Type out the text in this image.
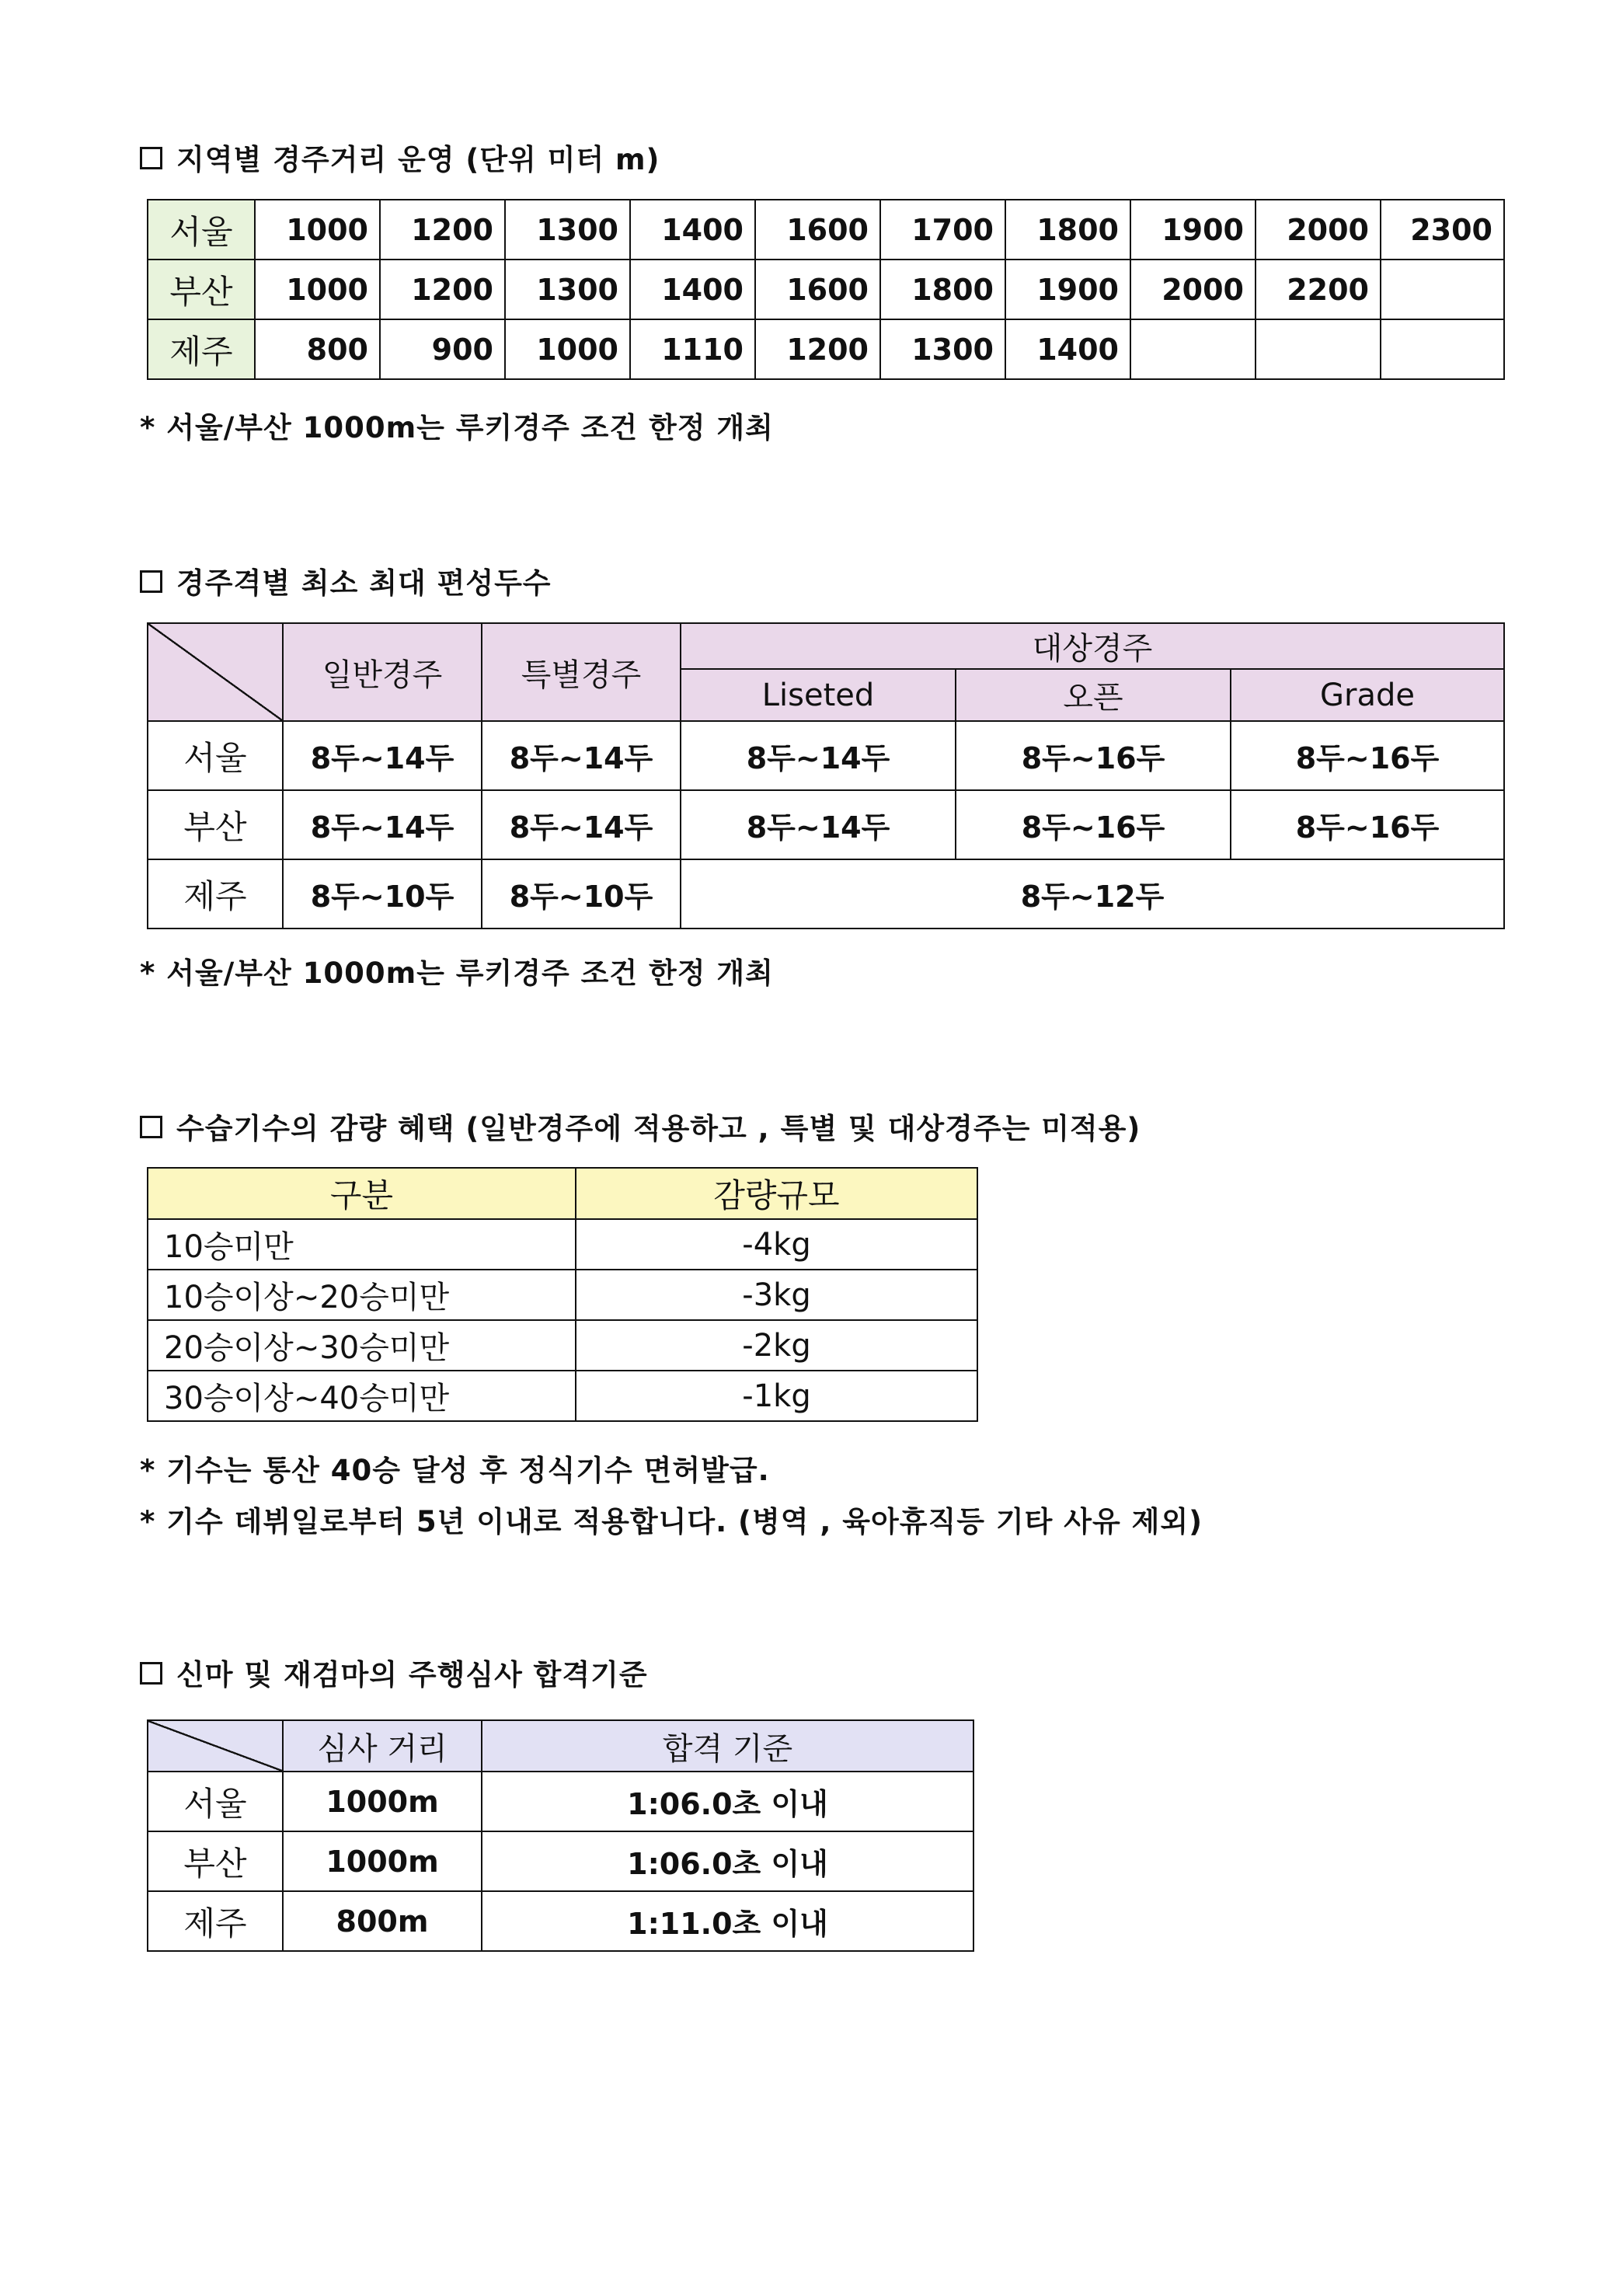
지역별 경주거리 운영 (단위 미터 m)
서울	1000	1200	1300	1400	1600	1700	1800	1900	2000	2300
부산	1000	1200	1300	1400	1600	1800	1900	2000	2200	
제주	800	900	1000	1110	1200	1300	1400			
* 서울/부산 1000m는 루키경주 조건 한정 개최
경주격별 최소 최대 편성두수
	일반경주	특별경주	대상경주		
			Liseted	오픈	Grade
서울	8두~14두	8두~14두	8두~14두	8두~16두	8두~16두
부산	8두~14두	8두~14두	8두~14두	8두~16두	8두~16두
제주	8두~10두	8두~10두	8두~12두		
* 서울/부산 1000m는 루키경주 조건 한정 개최
수습기수의 감량 혜택 (일반경주에 적용하고 , 특별 및 대상경주는 미적용)
구분	감량규모
10승미만	-4kg
10승이상~20승미만	-3kg
20승이상~30승미만	-2kg
30승이상~40승미만	-1kg
* 기수는 통산 40승 달성 후 정식기수 면허발급.
* 기수 데뷔일로부터 5년 이내로 적용합니다. (병역 , 육아휴직등 기타 사유 제외)
신마 및 재검마의 주행심사 합격기준
	심사 거리	합격 기준
서울	1000m	1:06.0초 이내
부산	1000m	1:06.0초 이내
제주	800m	1:11.0초 이내
